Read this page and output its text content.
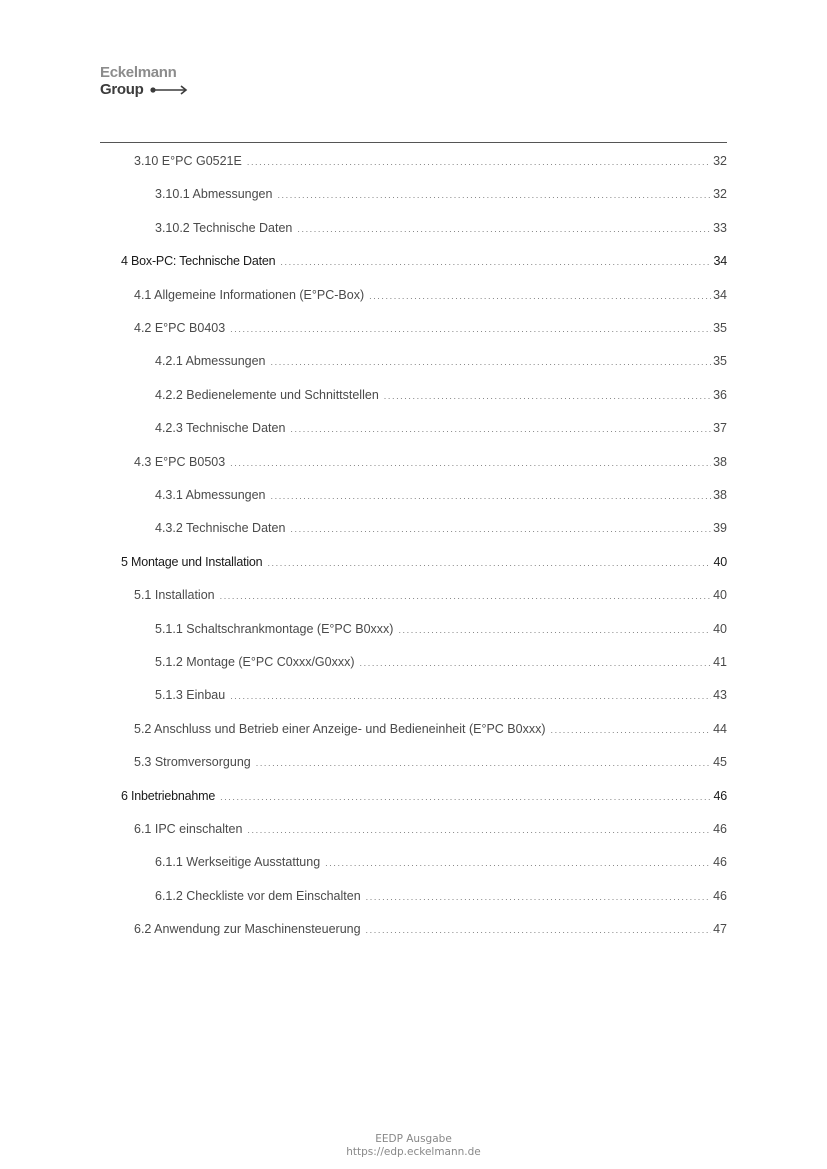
Eckelmann
Group
3.10 E°PC G0521E .....	32
3.10.1 Abmessungen .....	32
3.10.2 Technische Daten .....	33
4 Box-PC: Technische Daten .....	34
4.1 Allgemeine Informationen (E°PC-Box) .....	34
4.2 E°PC B0403 .....	35
4.2.1 Abmessungen .....	35
4.2.2 Bedienelemente und Schnittstellen .....	36
4.2.3 Technische Daten .....	37
4.3 E°PC B0503 .....	38
4.3.1 Abmessungen .....	38
4.3.2 Technische Daten .....	39
5 Montage und Installation .....	40
5.1 Installation .....	40
5.1.1 Schaltschrankmontage (E°PC B0xxx) .....	40
5.1.2 Montage (E°PC C0xxx/G0xxx) .....	41
5.1.3 Einbau .....	43
5.2 Anschluss und Betrieb einer Anzeige- und Bedieneinheit (E°PC B0xxx) .....	44
5.3 Stromversorgung .....	45
6 Inbetriebnahme .....	46
6.1 IPC einschalten .....	46
6.1.1 Werkseitige Ausstattung .....	46
6.1.2 Checkliste vor dem Einschalten .....	46
6.2 Anwendung zur Maschinensteuerung .....	47
EEDP Ausgabe
https://edp.eckelmann.de
